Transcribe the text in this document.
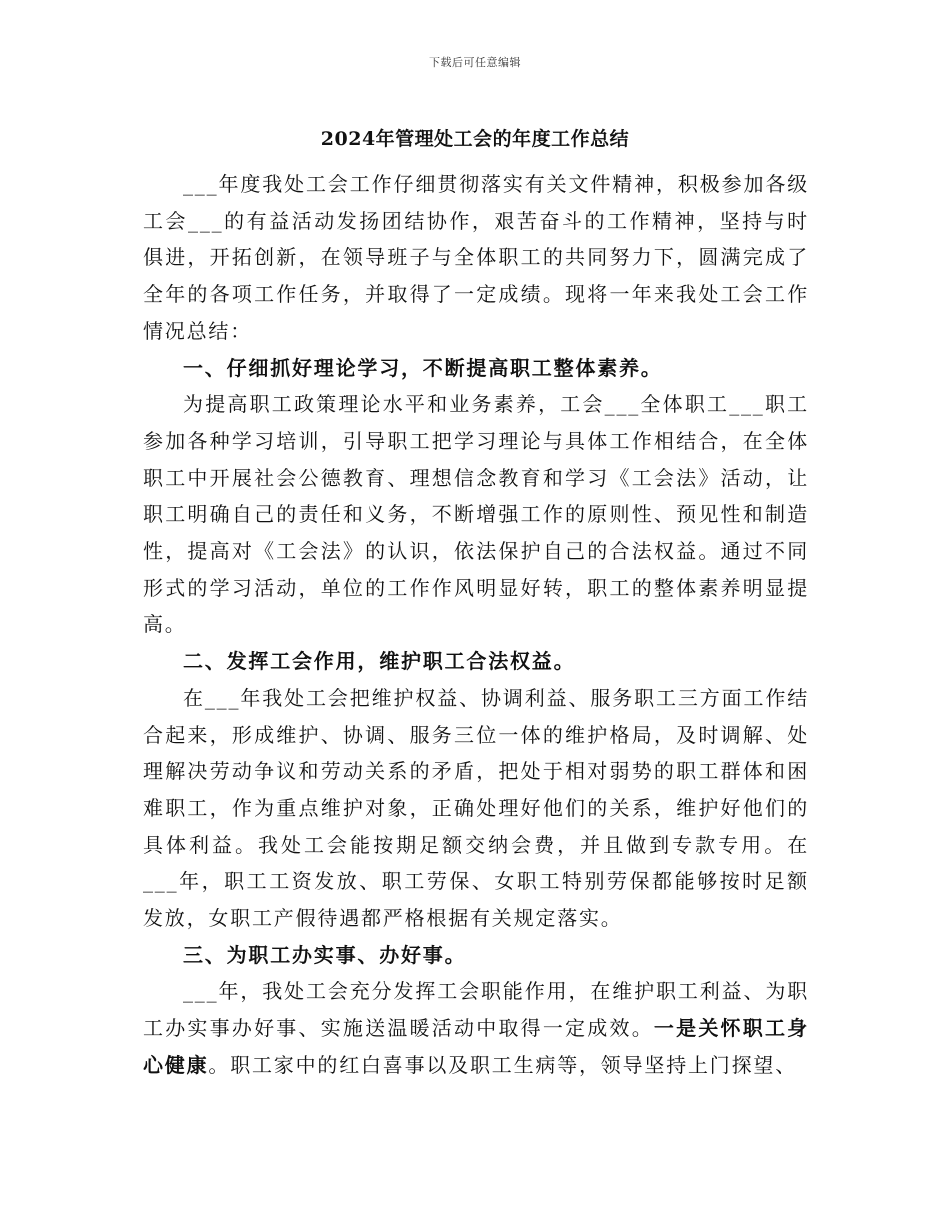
下载后可任意编辑
2024年管理处工会的年度工作总结

___年度我处工会工作仔细贯彻落实有关文件精神，积极参加各级工会___的有益活动发扬团结协作，艰苦奋斗的工作精神，坚持与时俱进，开拓创新，在领导班子与全体职工的共同努力下，圆满完成了全年的各项工作任务，并取得了一定成绩。现将一年来我处工会工作情况总结：

一、仔细抓好理论学习，不断提高职工整体素养。

为提高职工政策理论水平和业务素养，工会___全体职工___职工参加各种学习培训，引导职工把学习理论与具体工作相结合，在全体职工中开展社会公德教育、理想信念教育和学习《工会法》活动，让职工明确自己的责任和义务，不断增强工作的原则性、预见性和制造性，提高对《工会法》的认识，依法保护自己的合法权益。通过不同形式的学习活动，单位的工作作风明显好转，职工的整体素养明显提高。

二、发挥工会作用，维护职工合法权益。

在___年我处工会把维护权益、协调利益、服务职工三方面工作结合起来，形成维护、协调、服务三位一体的维护格局，及时调解、处理解决劳动争议和劳动关系的矛盾，把处于相对弱势的职工群体和困难职工，作为重点维护对象，正确处理好他们的关系，维护好他们的具体利益。我处工会能按期足额交纳会费，并且做到专款专用。在___年，职工工资发放、职工劳保、女职工特别劳保都能够按时足额发放，女职工产假待遇都严格根据有关规定落实。

三、为职工办实事、办好事。

___年，我处工会充分发挥工会职能作用，在维护职工利益、为职工办实事办好事、实施送温暖活动中取得一定成效。一是关怀职工身心健康。职工家中的红白喜事以及职工生病等，领导坚持上门探望、
